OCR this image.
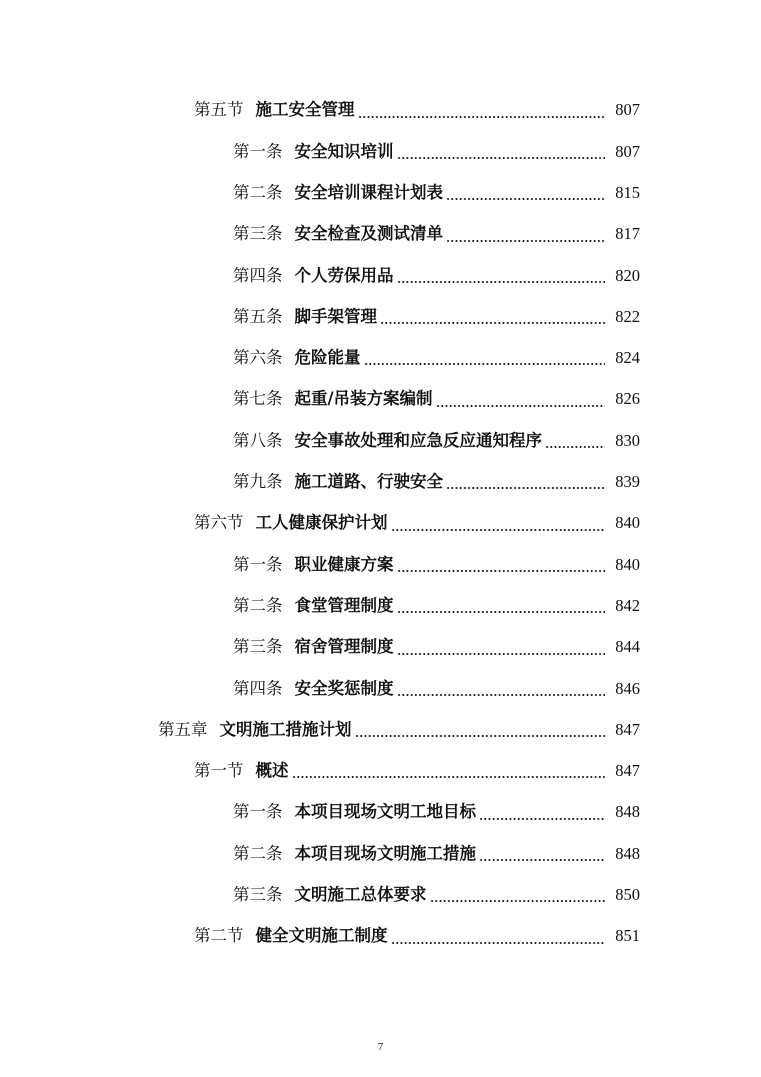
第五节 施工安全管理	807
第一条 安全知识培训	807
第二条 安全培训课程计划表	815
第三条 安全检查及测试清单	817
第四条 个人劳保用品	820
第五条 脚手架管理	822
第六条 危险能量	824
第七条 起重/吊装方案编制	826
第八条 安全事故处理和应急反应通知程序	830
第九条 施工道路、行驶安全	839
第六节 工人健康保护计划	840
第一条 职业健康方案	840
第二条 食堂管理制度	842
第三条 宿舍管理制度	844
第四条 安全奖惩制度	846
第五章 文明施工措施计划	847
第一节 概述	847
第一条 本项目现场文明工地目标	848
第二条 本项目现场文明施工措施	848
第三条 文明施工总体要求	850
第二节 健全文明施工制度	851
7
